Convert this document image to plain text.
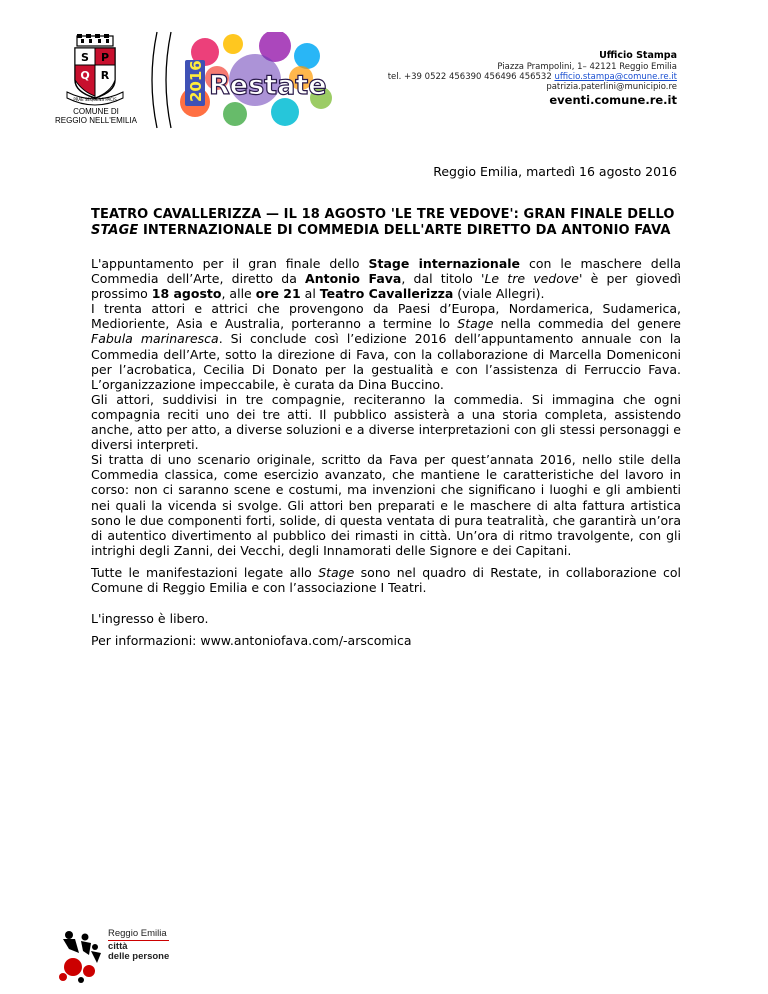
S P
Q R
PRAE SEQUENS PACIS
COMUNE DI
REGGIO NELL'EMILIA
2016 Restate
Ufficio Stampa
Piazza Prampolini, 1– 42121 Reggio Emilia
tel. +39 0522 456390 456496 456532 ufficio.stampa@comune.re.it
patrizia.paterlini@municipio.re
eventi.comune.re.it
Reggio Emilia, martedì 16 agosto 2016
TEATRO CAVALLERIZZA — IL 18 AGOSTO 'LE TRE VEDOVE': GRAN FINALE DELLO STAGE INTERNAZIONALE DI COMMEDIA DELL'ARTE DIRETTO DA ANTONIO FAVA

L'appuntamento per il gran finale dello Stage internazionale con le maschere della Commedia dell’Arte, diretto da Antonio Fava, dal titolo 'Le tre vedove' è per giovedì prossimo 18 agosto, alle ore 21 al Teatro Cavallerizza (viale Allegri).

I trenta attori e attrici che provengono da Paesi d’Europa, Nordamerica, Sudamerica, Medioriente, Asia e Australia, porteranno a termine lo Stage nella commedia del genere Fabula marinaresca. Si conclude così l’edizione 2016 dell’appuntamento annuale con la Commedia dell’Arte, sotto la direzione di Fava, con la collaborazione di Marcella Domeniconi per l’acrobatica, Cecilia Di Donato per la gestualità e con l’assistenza di Ferruccio Fava. L’organizzazione impeccabile, è curata da Dina Buccino.

Gli attori, suddivisi in tre compagnie, reciteranno la commedia. Si immagina che ogni compagnia reciti uno dei tre atti. Il pubblico assisterà a una storia completa, assistendo anche, atto per atto, a diverse soluzioni e a diverse interpretazioni con gli stessi personaggi e diversi interpreti.

Si tratta di uno scenario originale, scritto da Fava per quest’annata 2016, nello stile della Commedia classica, come esercizio avanzato, che mantiene le caratteristiche del lavoro in corso: non ci saranno scene e costumi, ma invenzioni che significano i luoghi e gli ambienti nei quali la vicenda si svolge. Gli attori ben preparati e le maschere di alta fattura artistica sono le due componenti forti, solide, di questa ventata di pura teatralità, che garantirà un’ora di autentico divertimento al pubblico dei rimasti in città. Un’ora di ritmo travolgente, con gli intrighi degli Zanni, dei Vecchi, degli Innamorati delle Signore e dei Capitani.

Tutte le manifestazioni legate allo Stage sono nel quadro di Restate, in collaborazione col Comune di Reggio Emilia e con l’associazione I Teatri.

L'ingresso è libero.

Per informazioni: www.antoniofava.com/-arscomica

Reggio Emilia
città
delle persone
